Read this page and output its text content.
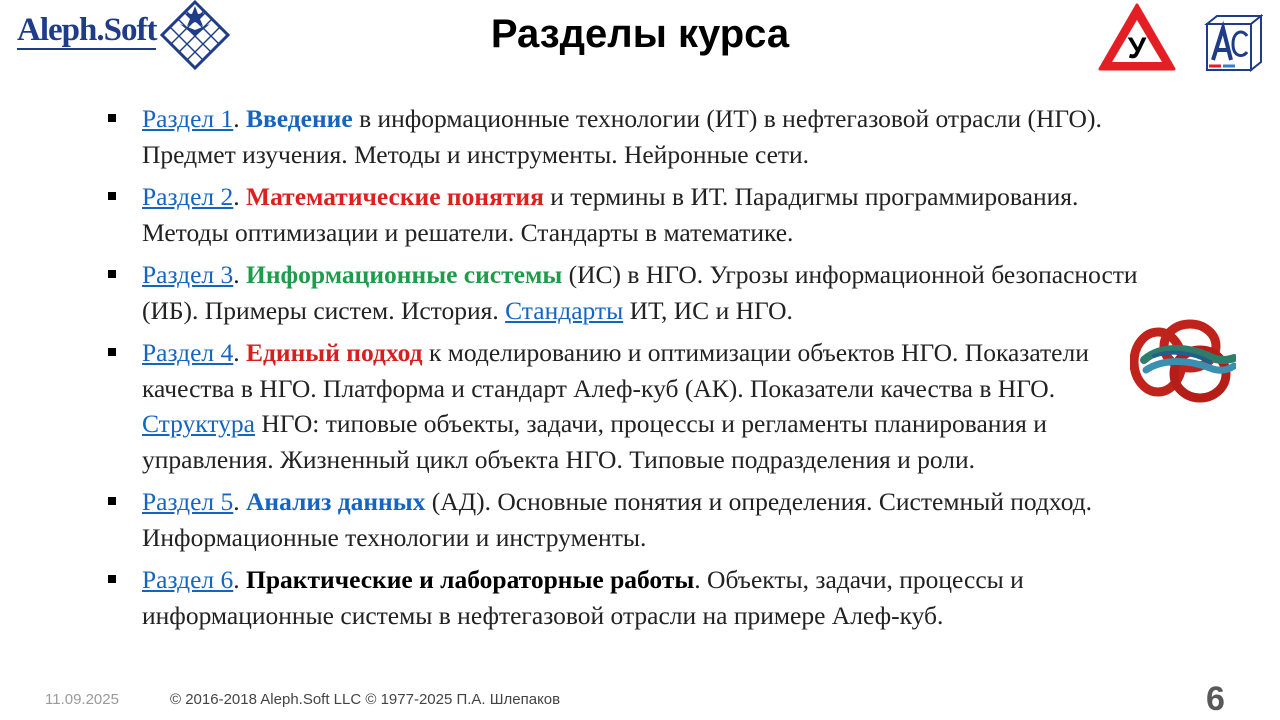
Aleph.Soft	Разделы курса	У
Раздел 1. Введение в информационные технологии (ИТ) в нефтегазовой отрасли (НГО). Предмет изучения. Методы и инструменты. Нейронные сети.
Раздел 2. Математические понятия и термины в ИТ. Парадигмы программирования. Методы оптимизации и решатели. Стандарты в математике.
Раздел 3. Информационные системы (ИС) в НГО. Угрозы информационной безопасности (ИБ). Примеры систем. История. Стандарты ИТ, ИС и НГО.
Раздел 4. Единый подход к моделированию и оптимизации объектов НГО. Показатели качества в НГО. Платформа и стандарт Алеф-куб (АК). Показатели качества в НГО. Структура НГО: типовые объекты, задачи, процессы и регламенты планирования и управления. Жизненный цикл объекта НГО. Типовые подразделения и роли.
Раздел 5. Анализ данных (АД). Основные понятия и определения. Системный подход. Информационные технологии и инструменты.
Раздел 6. Практические и лабораторные работы. Объекты, задачи, процессы и информационные системы в нефтегазовой отрасли на примере Алеф-куб.
11.09.2025	© 2016-2018 Aleph.Soft LLC © 1977-2025 П.А. Шлепаков	6
